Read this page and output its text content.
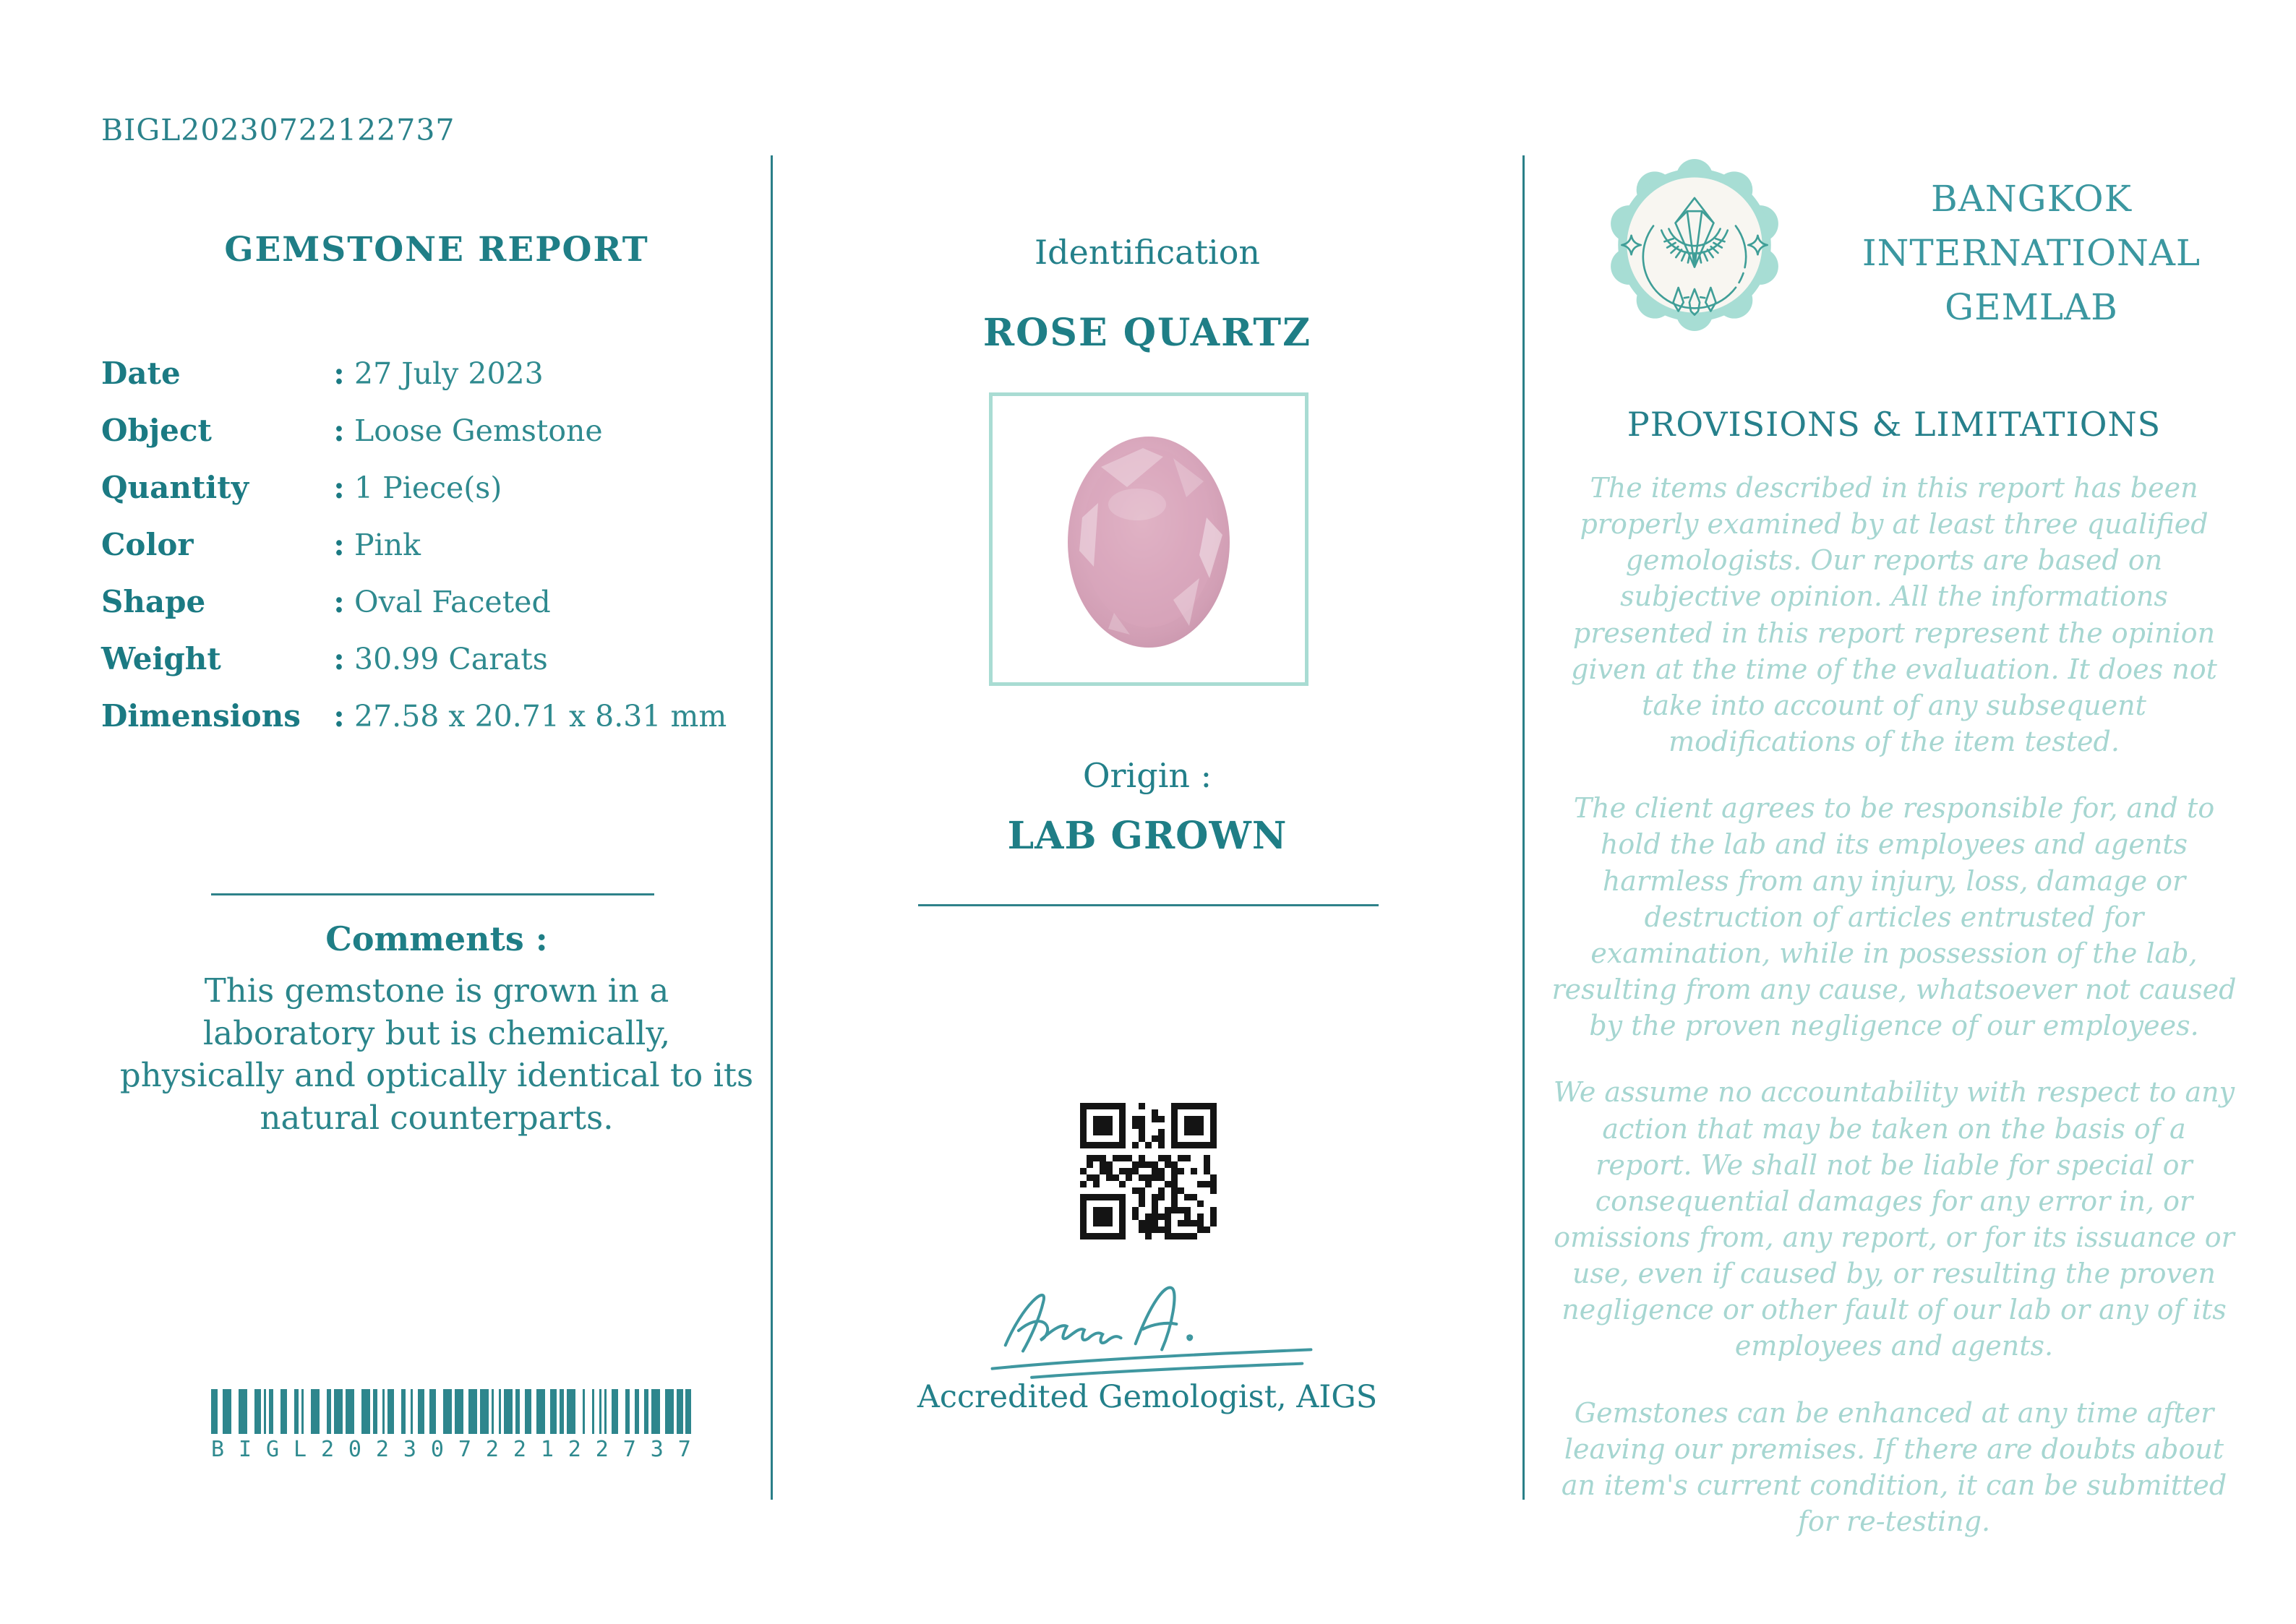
BIGL20230722122737
GEMSTONE REPORT
Date	: 27 July 2023
Object	: Loose Gemstone
Quantity	: 1 Piece(s)
Color	: Pink
Shape	: Oval Faceted
Weight	: 30.99 Carats
Dimensions	: 27.58 x 20.71 x 8.31 mm
Comments :
This gemstone is grown in a laboratory but is chemically, physically and optically identical to its natural counterparts.
B I G L 2 0 2 3 0 7 2 2 1 2 2 7 3 7
Identification
ROSE QUARTZ
Origin :
LAB GROWN
Accredited Gemologist, AIGS
BANGKOK
INTERNATIONAL
GEMLAB
PROVISIONS & LIMITATIONS

The items described in this report has been properly examined by at least three qualified gemologists. Our reports are based on subjective opinion. All the informations presented in this report represent the opinion given at the time of the evaluation. It does not take into account of any subsequent modifications of the item tested.

The client agrees to be responsible for, and to hold the lab and its employees and agents harmless from any injury, loss, damage or destruction of articles entrusted for examination, while in possession of the lab, resulting from any cause, whatsoever not caused by the proven negligence of our employees.

We assume no accountability with respect to any action that may be taken on the basis of a report. We shall not be liable for special or consequential damages for any error in, or omissions from, any report, or for its issuance or use, even if caused by, or resulting the proven negligence or other fault of our lab or any of its employees and agents.

Gemstones can be enhanced at any time after leaving our premises. If there are doubts about an item's current condition, it can be submitted for re-testing.
